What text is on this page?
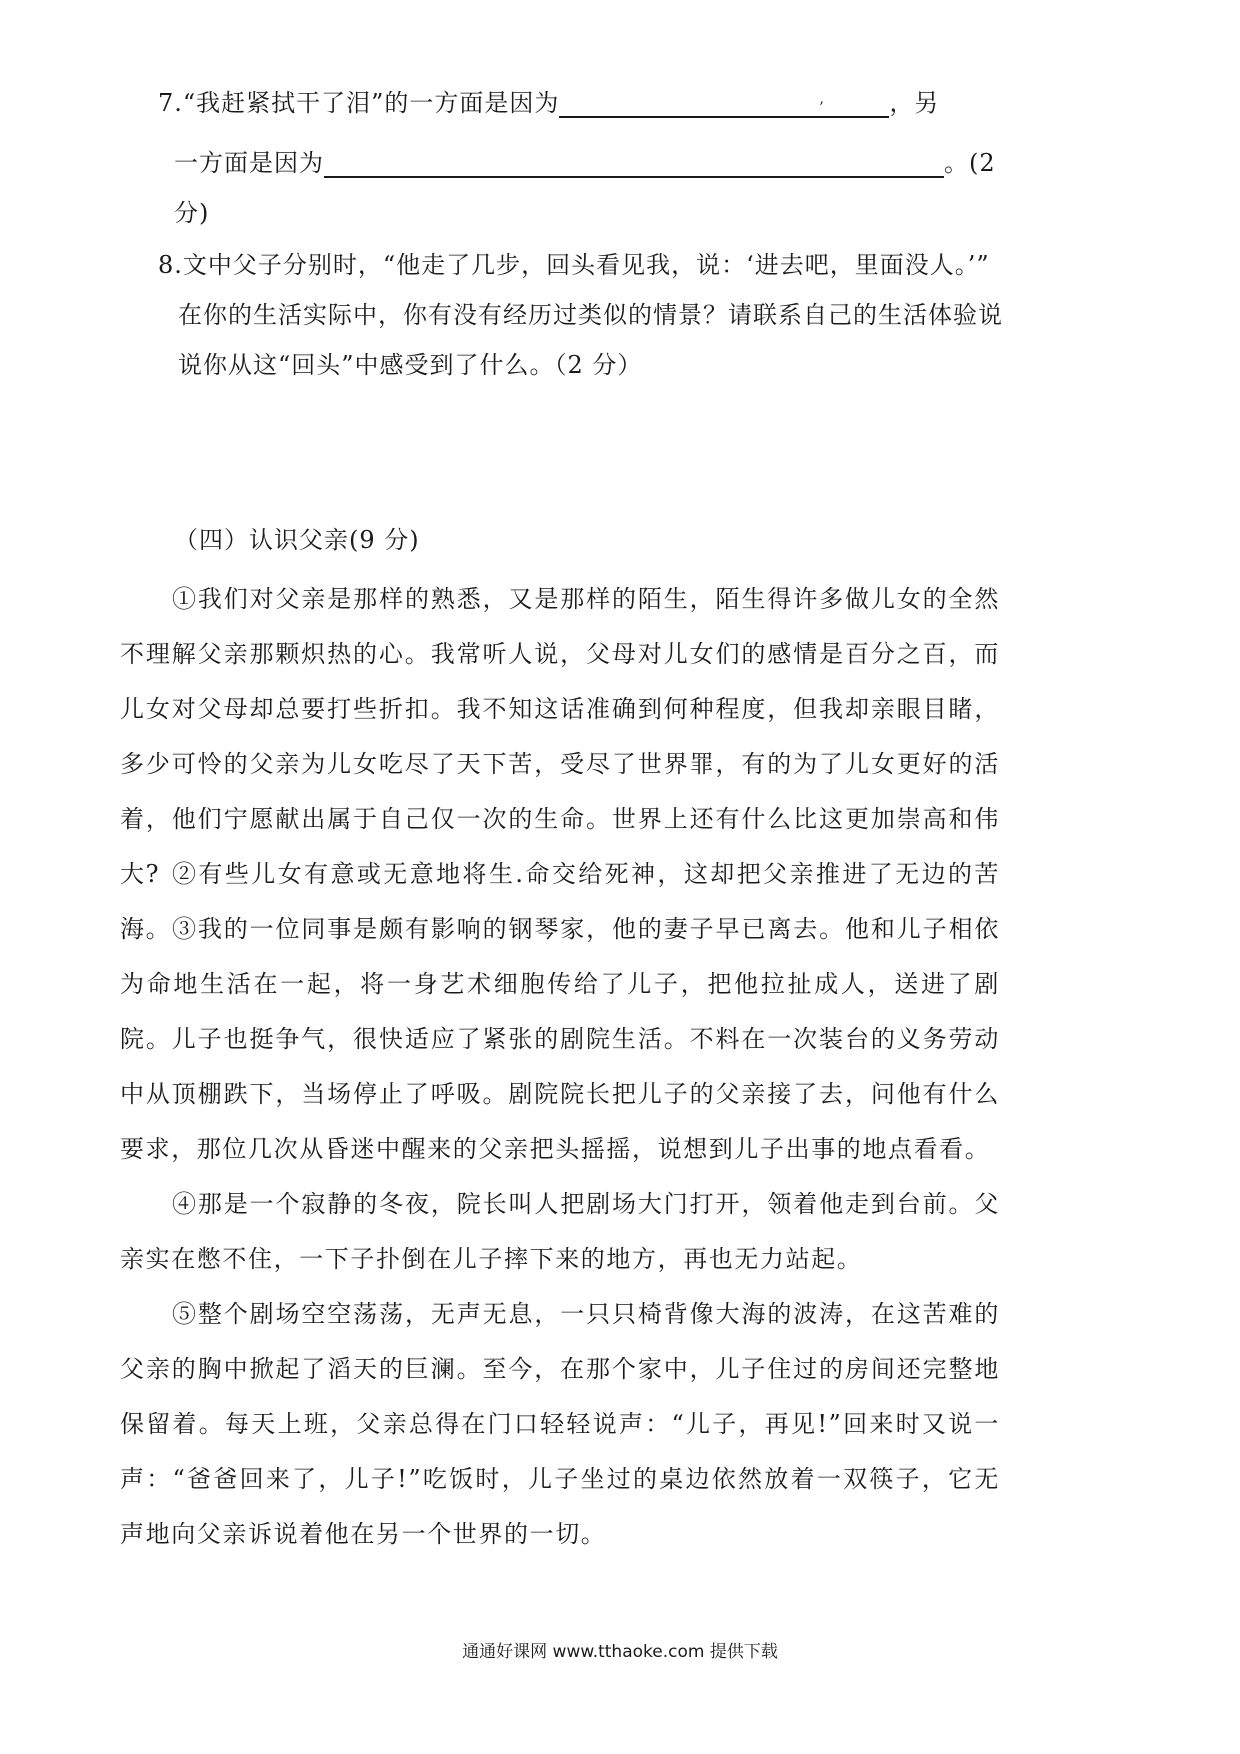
7.“我赶紧拭干了泪”的一方面是因为	,	，另
一方面是因为	。(2
分)
8.文中父子分别时，“他走了几步，回头看见我，说：‘进去吧，里面没人。’”
在你的生活实际中，你有没有经历过类似的情景？请联系自己的生活体验说
说你从这“回头”中感受到了什么。（2 分）
（四）认识父亲(9 分)
①我们对父亲是那样的熟悉，又是那样的陌生，陌生得许多做儿女的全然不理解父亲那颗炽热的心。我常听人说，父母对儿女们的感情是百分之百，而儿女对父母却总要打些折扣。我不知这话准确到何种程度，但我却亲眼目睹，多少可怜的父亲为儿女吃尽了天下苦，受尽了世界罪，有的为了儿女更好的活着，他们宁愿献出属于自己仅一次的生命。世界上还有什么比这更加崇高和伟大? ②有些儿女有意或无意地将生.命交给死神，这却把父亲推进了无边的苦海。 ③我的一位同事是颇有影响的钢琴家，他的妻子早已离去。他和儿子相依为命地生活在一起，将一身艺术细胞传给了儿子，把他拉扯成人，送进了剧院。儿子也挺争气，很快适应了紧张的剧院生活。不料在一次装台的义务劳动中从顶棚跌下，当场停止了呼吸。剧院院长把儿子的父亲接了去，问他有什么要求，那位几次从昏迷中醒来的父亲把头摇摇，说想到儿子出事的地点看看。
④那是一个寂静的冬夜，院长叫人把剧场大门打开，领着他走到台前。父亲实在憋不住，一下子扑倒在儿子摔下来的地方，再也无力站起。
⑤整个剧场空空荡荡，无声无息，一只只椅背像大海的波涛，在这苦难的父亲的胸中掀起了滔天的巨澜。至今，在那个家中，儿子住过的房间还完整地保留着。每天上班，父亲总得在门口轻轻说声：“儿子，再见!”回来时又说一声：“爸爸回来了，儿子!”吃饭时，儿子坐过的桌边依然放着一双筷子，它无声地向父亲诉说着他在另一个世界的一切。
通通好课网 www.tthaoke.com 提供下载
